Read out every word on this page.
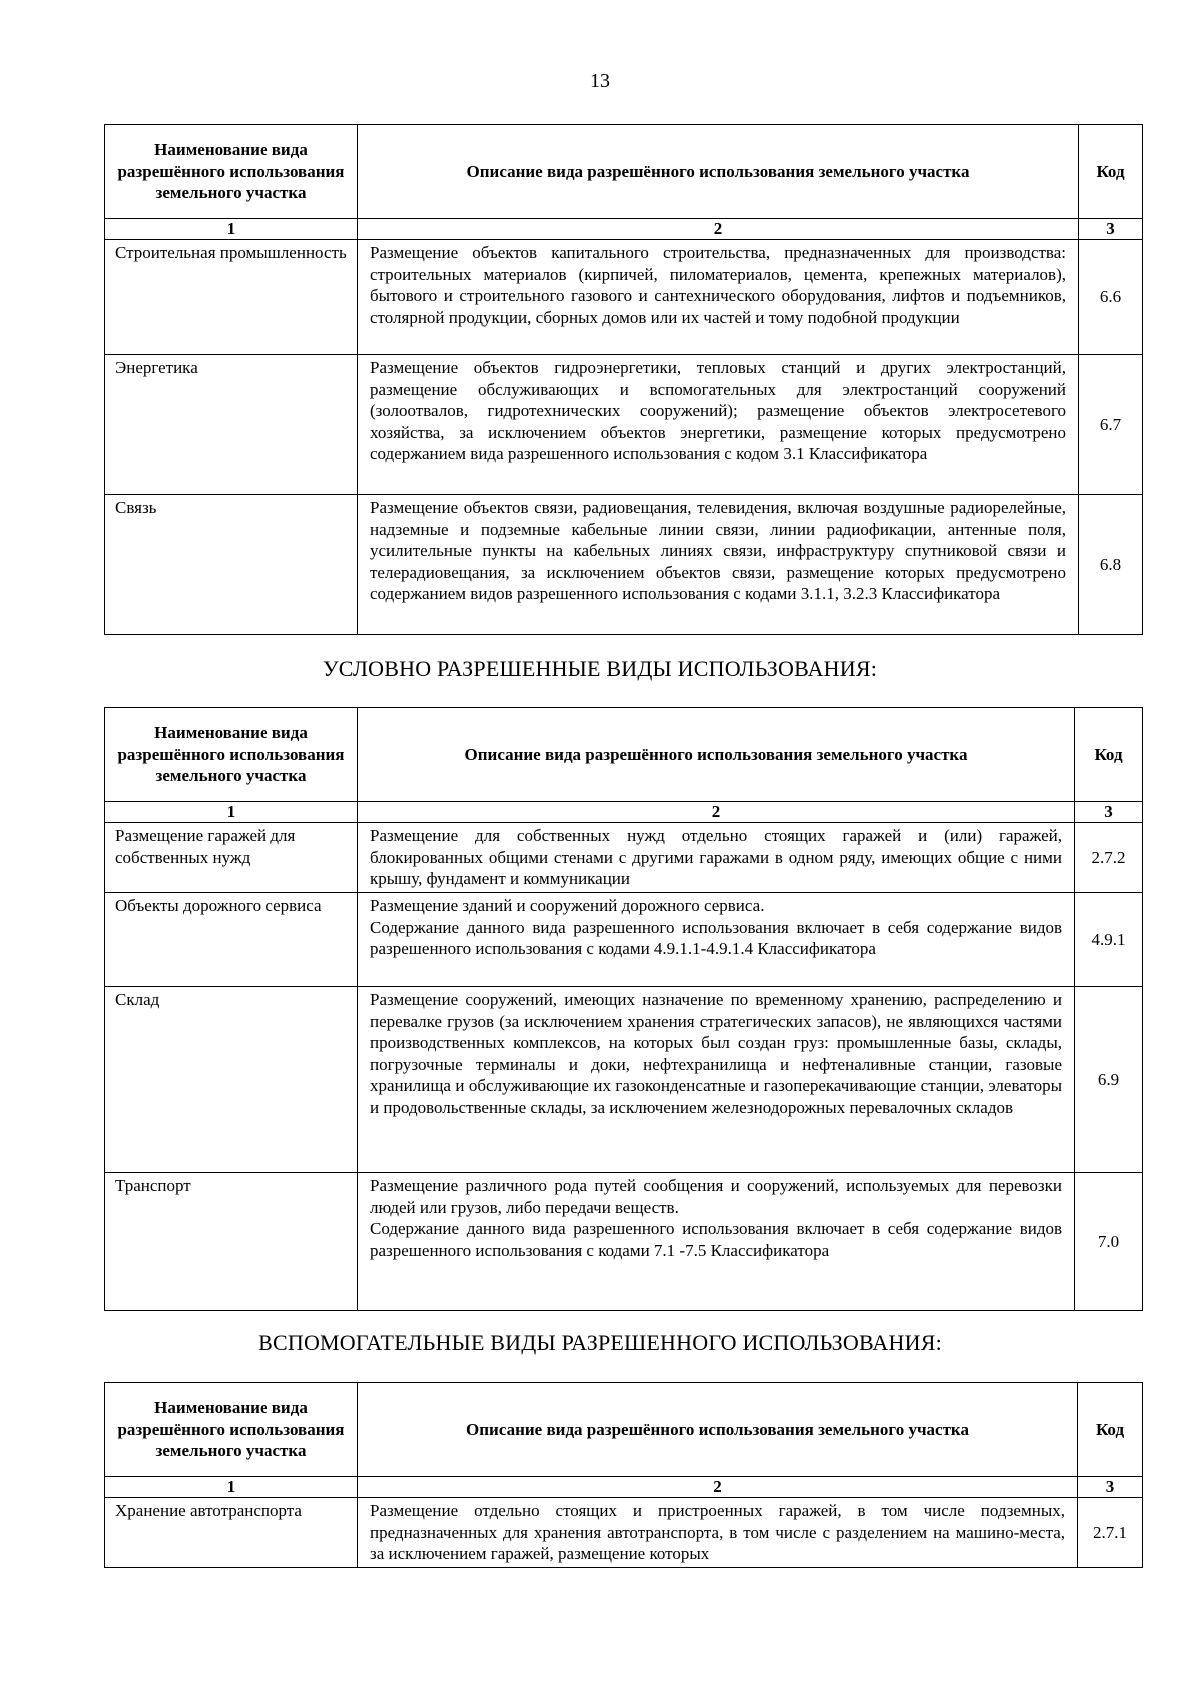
13
Наименование вида разрешённого использования земельного участка	Описание вида разрешённого использования земельного участка	Код
1	2	3
Строительная промышленность	Размещение объектов капитального строительства, предназначенных для производства: строительных материалов (кирпичей, пиломатериалов, цемента, крепежных материалов), бытового и строительного газового и сантехнического оборудования, лифтов и подъемников, столярной продукции, сборных домов или их частей и тому подобной продукции	6.6
Энергетика	Размещение объектов гидроэнергетики, тепловых станций и других электростанций, размещение обслуживающих и вспомогательных для электростанций сооружений (золоотвалов, гидротехнических сооружений); размещение объектов электросетевого хозяйства, за исключением объектов энергетики, размещение которых предусмотрено содержанием вида разрешенного использования с кодом 3.1 Классификатора	6.7
Связь	Размещение объектов связи, радиовещания, телевидения, включая воздушные радиорелейные, надземные и подземные кабельные линии связи, линии радиофикации, антенные поля, усилительные пункты на кабельных линиях связи, инфраструктуру спутниковой связи и телерадиовещания, за исключением объектов связи, размещение которых предусмотрено содержанием видов разрешенного использования с кодами 3.1.1, 3.2.3 Классификатора	6.8
УСЛОВНО РАЗРЕШЕННЫЕ ВИДЫ ИСПОЛЬЗОВАНИЯ:
Наименование вида разрешённого использования земельного участка	Описание вида разрешённого использования земельного участка	Код
1	2	3
Размещение гаражей для собственных нужд	Размещение для собственных нужд отдельно стоящих гаражей и (или) гаражей, блокированных общими стенами с другими гаражами в одном ряду, имеющих общие с ними крышу, фундамент и коммуникации	2.7.2
Объекты дорожного сервиса	Размещение зданий и сооружений дорожного сервиса.

Содержание данного вида разрешенного использования включает в себя содержание видов разрешенного использования с кодами 4.9.1.1-4.9.1.4 Классификатора	4.9.1
Склад	Размещение сооружений, имеющих назначение по временному хранению, распределению и перевалке грузов (за исключением хранения стратегических запасов), не являющихся частями производственных комплексов, на которых был создан груз: промышленные базы, склады, погрузочные терминалы и доки, нефтехранилища и нефтеналивные станции, газовые хранилища и обслуживающие их газоконденсатные и газоперекачивающие станции, элеваторы и продовольственные склады, за исключением железнодорожных перевалочных складов	6.9
Транспорт	Размещение различного рода путей сообщения и сооружений, используемых для перевозки людей или грузов, либо передачи веществ.

Содержание данного вида разрешенного использования включает в себя содержание видов разрешенного использования с кодами 7.1 -7.5 Классификатора	7.0
ВСПОМОГАТЕЛЬНЫЕ ВИДЫ РАЗРЕШЕННОГО ИСПОЛЬЗОВАНИЯ:
Наименование вида разрешённого использования земельного участка	Описание вида разрешённого использования земельного участка	Код
1	2	3
Хранение автотранспорта	Размещение отдельно стоящих и пристроенных гаражей, в том числе подземных, предназначенных для хранения автотранспорта, в том числе с разделением на машино-места, за исключением гаражей, размещение которых	2.7.1
